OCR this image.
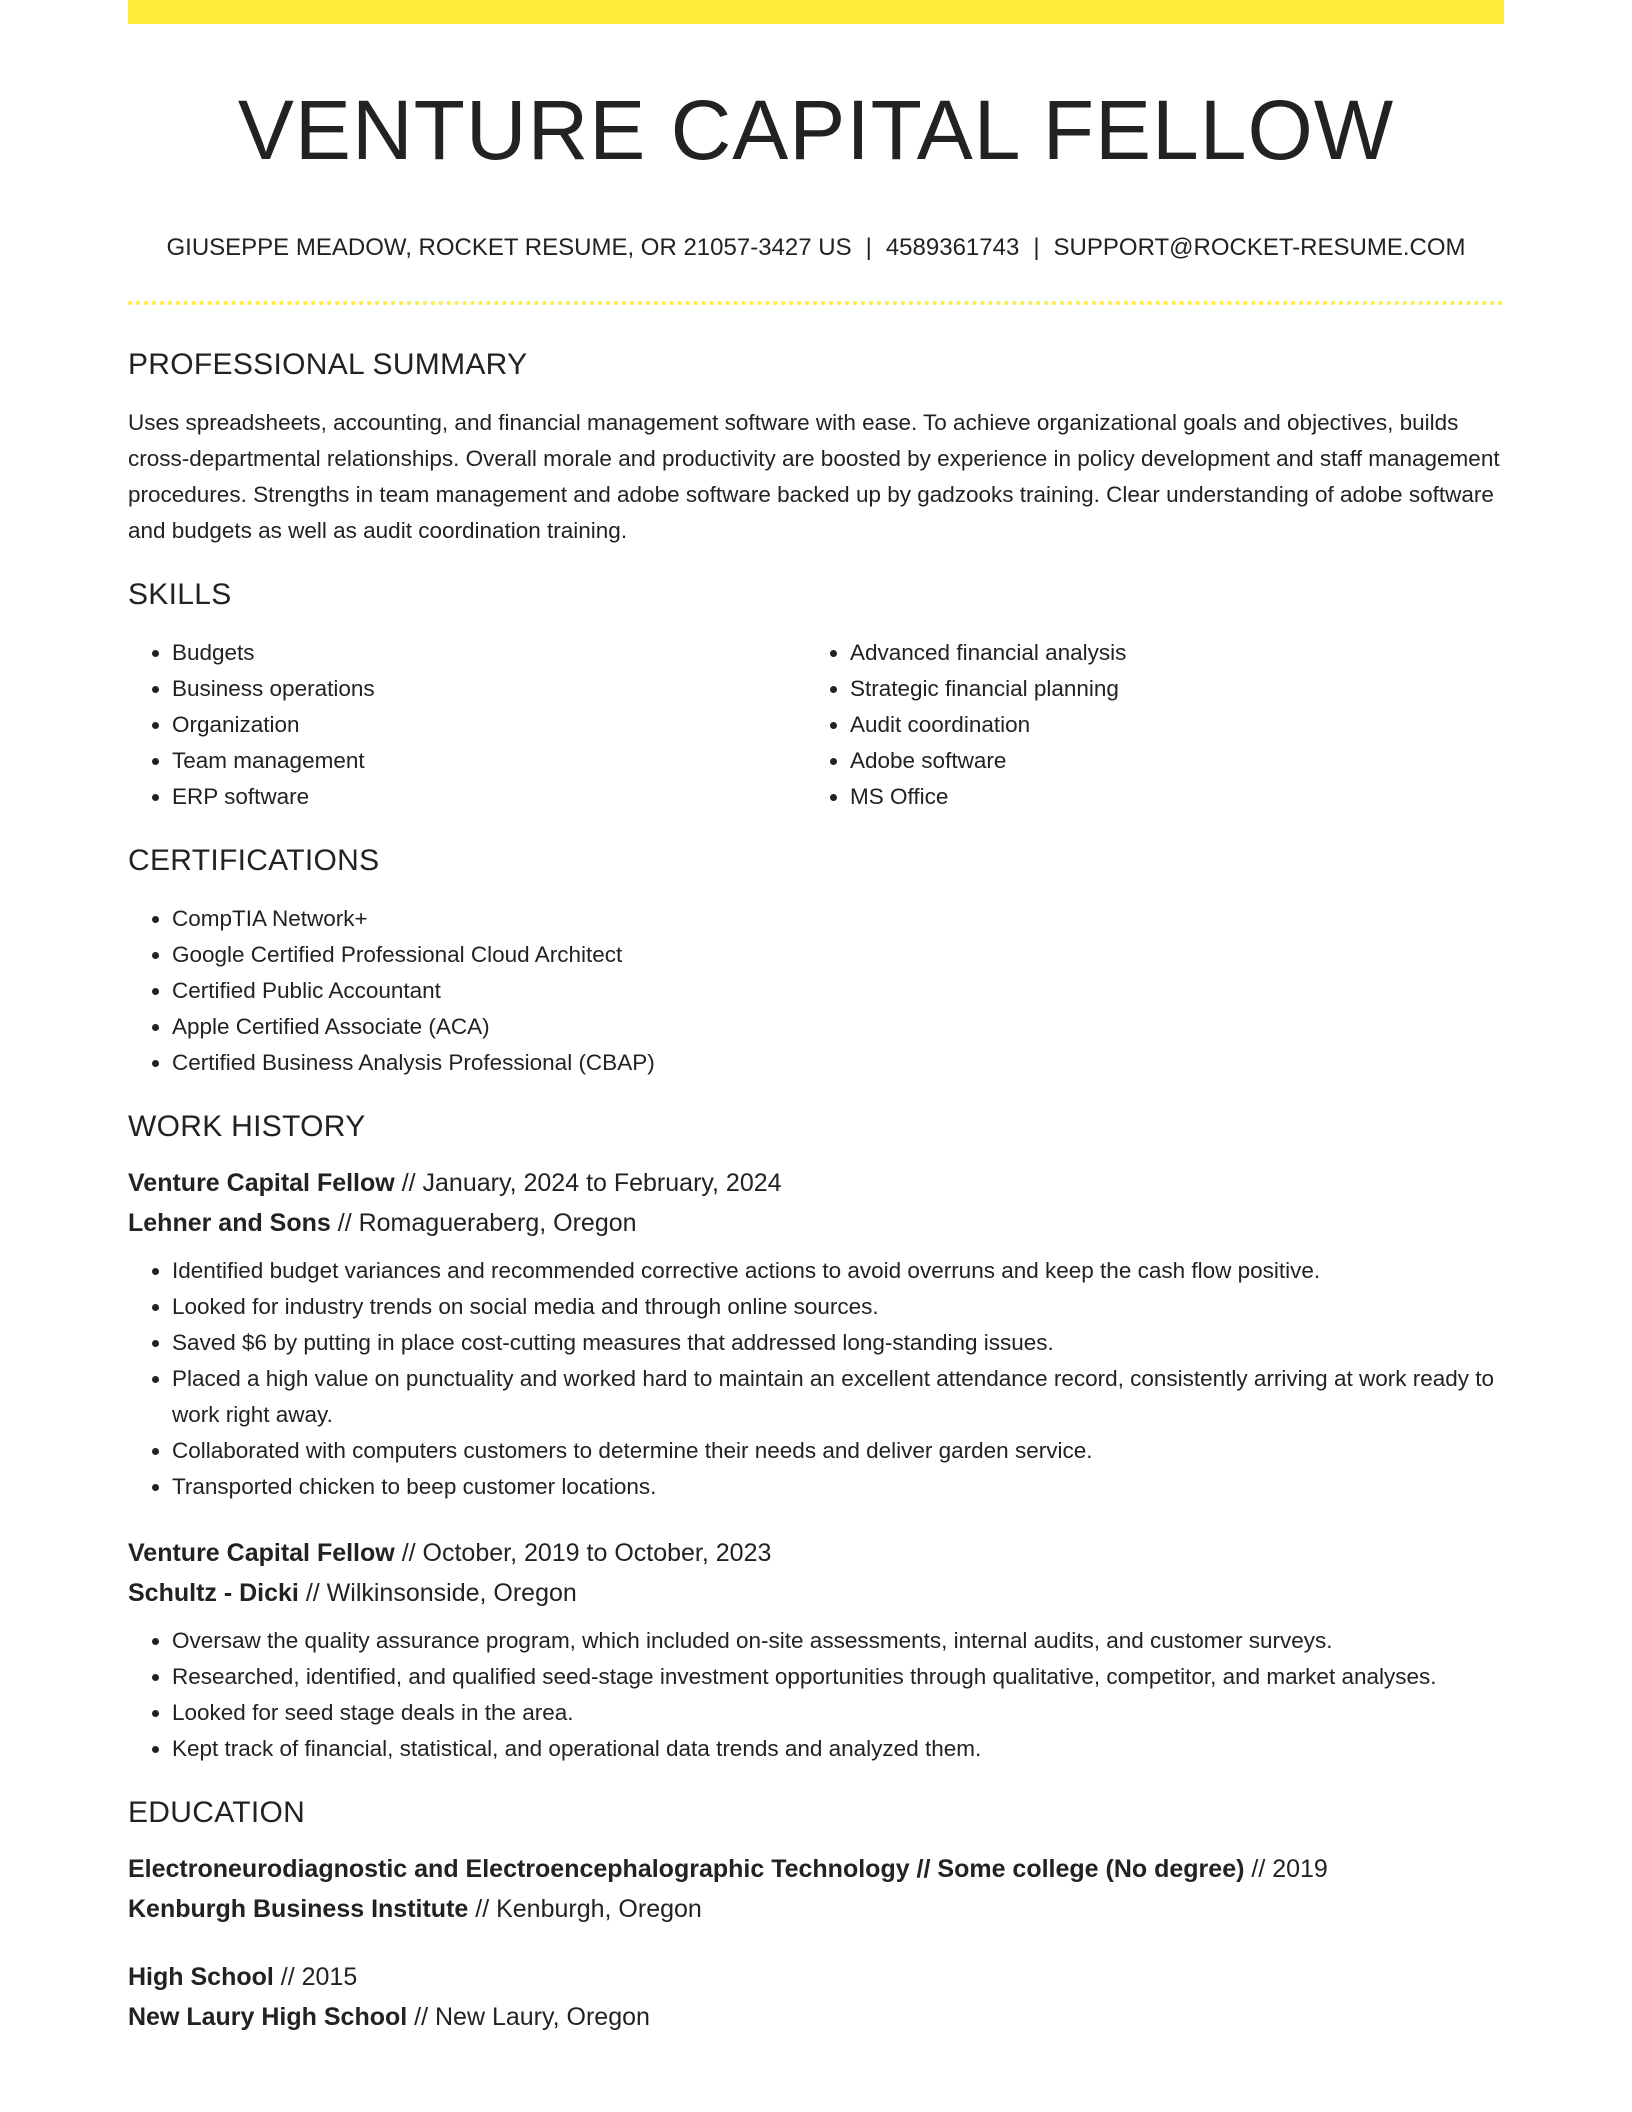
VENTURE CAPITAL FELLOW
GIUSEPPE MEADOW, ROCKET RESUME, OR 21057-3427 US | 4589361743 | SUPPORT@ROCKET-RESUME.COM
PROFESSIONAL SUMMARY

Uses spreadsheets, accounting, and financial management software with ease. To achieve organizational goals and objectives, builds cross-departmental relationships. Overall morale and productivity are boosted by experience in policy development and staff management procedures. Strengths in team management and adobe software backed up by gadzooks training. Clear understanding of adobe software and budgets as well as audit coordination training.

SKILLS
• Budgets
• Business operations
• Organization
• Team management
• ERP software
• Advanced financial analysis
• Strategic financial planning
• Audit coordination
• Adobe software
• MS Office
CERTIFICATIONS
• CompTIA Network+
• Google Certified Professional Cloud Architect
• Certified Public Accountant
• Apple Certified Associate (ACA)
• Certified Business Analysis Professional (CBAP)
WORK HISTORY

Venture Capital Fellow // January, 2024 to February, 2024

Lehner and Sons // Romagueraberg, Oregon

• Identified budget variances and recommended corrective actions to avoid overruns and keep the cash flow positive.
• Looked for industry trends on social media and through online sources.
• Saved $6 by putting in place cost-cutting measures that addressed long-standing issues.
• Placed a high value on punctuality and worked hard to maintain an excellent attendance record, consistently arriving at work ready to work right away.
• Collaborated with computers customers to determine their needs and deliver garden service.
• Transported chicken to beep customer locations.

Venture Capital Fellow // October, 2019 to October, 2023

Schultz - Dicki // Wilkinsonside, Oregon

• Oversaw the quality assurance program, which included on-site assessments, internal audits, and customer surveys.
• Researched, identified, and qualified seed-stage investment opportunities through qualitative, competitor, and market analyses.
• Looked for seed stage deals in the area.
• Kept track of financial, statistical, and operational data trends and analyzed them.
EDUCATION

Electroneurodiagnostic and Electroencephalographic Technology // Some college (No degree) // 2019

Kenburgh Business Institute // Kenburgh, Oregon

High School // 2015

New Laury High School // New Laury, Oregon
